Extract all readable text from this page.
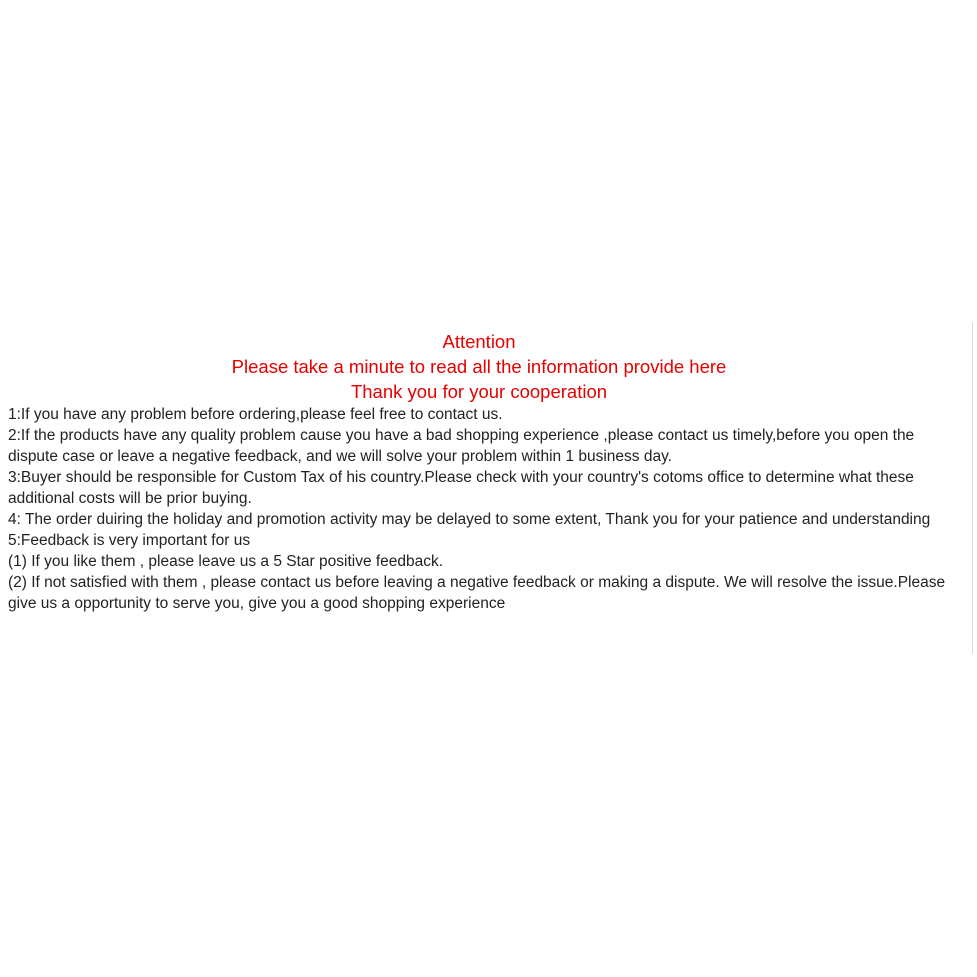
Attention
Please take a minute to read all the information provide here
Thank you for your cooperation

1:If you have any problem before ordering,please feel free to contact us.

2:If the products have any quality problem cause you have a bad shopping experience ,please contact us timely,before you open the dispute case or leave a negative feedback, and we will solve your problem within 1 business day.

3:Buyer should be responsible for Custom Tax of his country.Please check with your country's cotoms office to determine what these additional costs will be prior buying.

4: The order duiring the holiday and promotion activity may be delayed to some extent, Thank you for your patience and understanding

5:Feedback is very important for us

(1) If you like them , please leave us a 5 Star positive feedback.

(2) If not satisfied with them , please contact us before leaving a negative feedback or making a dispute. We will resolve the issue.Please give us a opportunity to serve you, give you a good shopping experience
